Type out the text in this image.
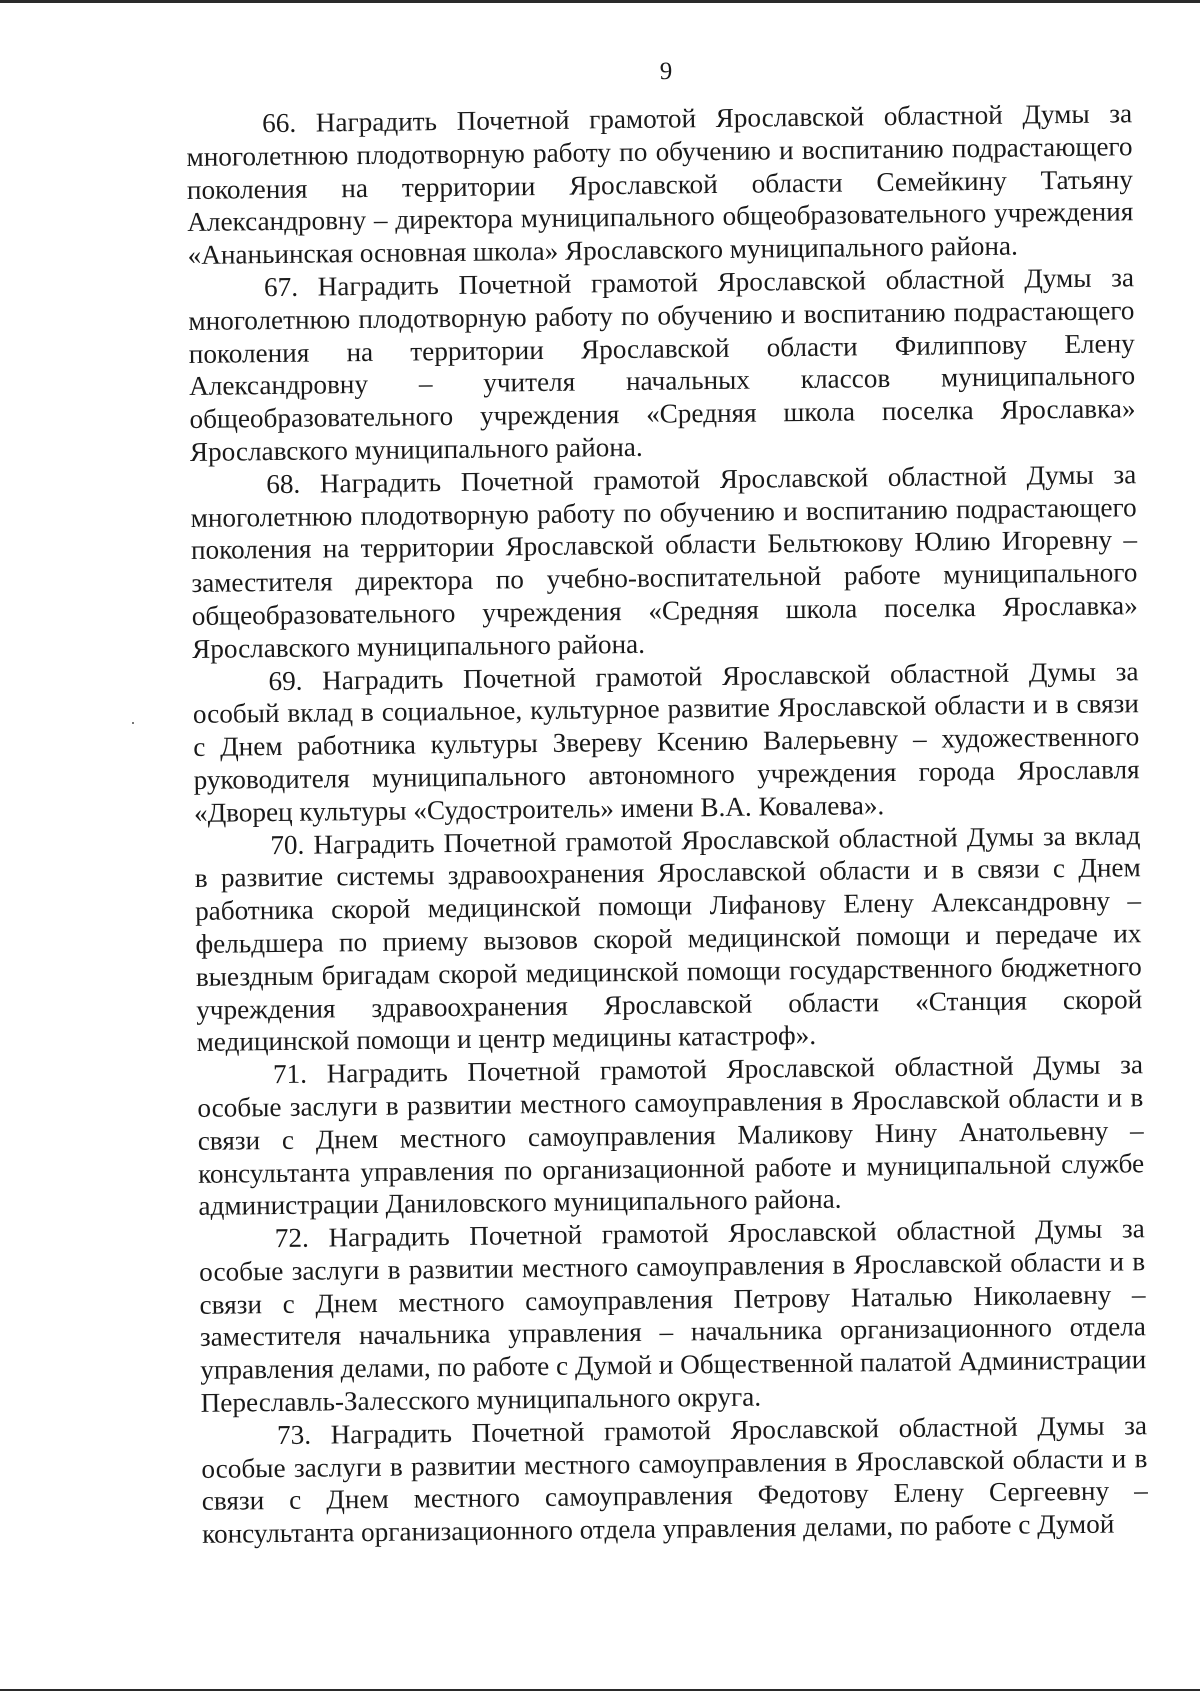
9

66. Наградить Почетной грамотой Ярославской областной Думы за многолетнюю плодотворную работу по обучению и воспитанию подрастающего поколения на территории Ярославской области Семейкину Татьяну Александровну – директора муниципального общеобразовательного учреждения «Ананьинская основная школа» Ярославского муниципального района.

67. Наградить Почетной грамотой Ярославской областной Думы за многолетнюю плодотворную работу по обучению и воспитанию подрастающего поколения на территории Ярославской области Филиппову Елену Александровну – учителя начальных классов муниципального общеобразовательного учреждения «Средняя школа поселка Ярославка» Ярославского муниципального района.

68. Наградить Почетной грамотой Ярославской областной Думы за многолетнюю плодотворную работу по обучению и воспитанию подрастающего поколения на территории Ярославской области Бельтюкову Юлию Игоревну – заместителя директора по учебно-воспитательной работе муниципального общеобразовательного учреждения «Средняя школа поселка Ярославка» Ярославского муниципального района.

69. Наградить Почетной грамотой Ярославской областной Думы за особый вклад в социальное, культурное развитие Ярославской области и в связи с Днем работника культуры Звереву Ксению Валерьевну – художественного руководителя муниципального автономного учреждения города Ярославля «Дворец культуры «Судостроитель» имени В.А. Ковалева».

70. Наградить Почетной грамотой Ярославской областной Думы за вклад в развитие системы здравоохранения Ярославской области и в связи с Днем работника скорой медицинской помощи Лифанову Елену Александровну – фельдшера по приему вызовов скорой медицинской помощи и передаче их выездным бригадам скорой медицинской помощи государственного бюджетного учреждения здравоохранения Ярославской области «Станция скорой медицинской помощи и центр медицины катастроф».

71. Наградить Почетной грамотой Ярославской областной Думы за особые заслуги в развитии местного самоуправления в Ярославской области и в связи с Днем местного самоуправления Маликову Нину Анатольевну – консультанта управления по организационной работе и муниципальной службе администрации Даниловского муниципального района.

72. Наградить Почетной грамотой Ярославской областной Думы за особые заслуги в развитии местного самоуправления в Ярославской области и в связи с Днем местного самоуправления Петрову Наталью Николаевну – заместителя начальника управления – начальника организационного отдела управления делами, по работе с Думой и Общественной палатой Администрации Переславль-Залесского муниципального округа.

73. Наградить Почетной грамотой Ярославской областной Думы за особые заслуги в развитии местного самоуправления в Ярославской области и в связи с Днем местного самоуправления Федотову Елену Сергеевну – консультанта организационного отдела управления делами, по работе с Думой
